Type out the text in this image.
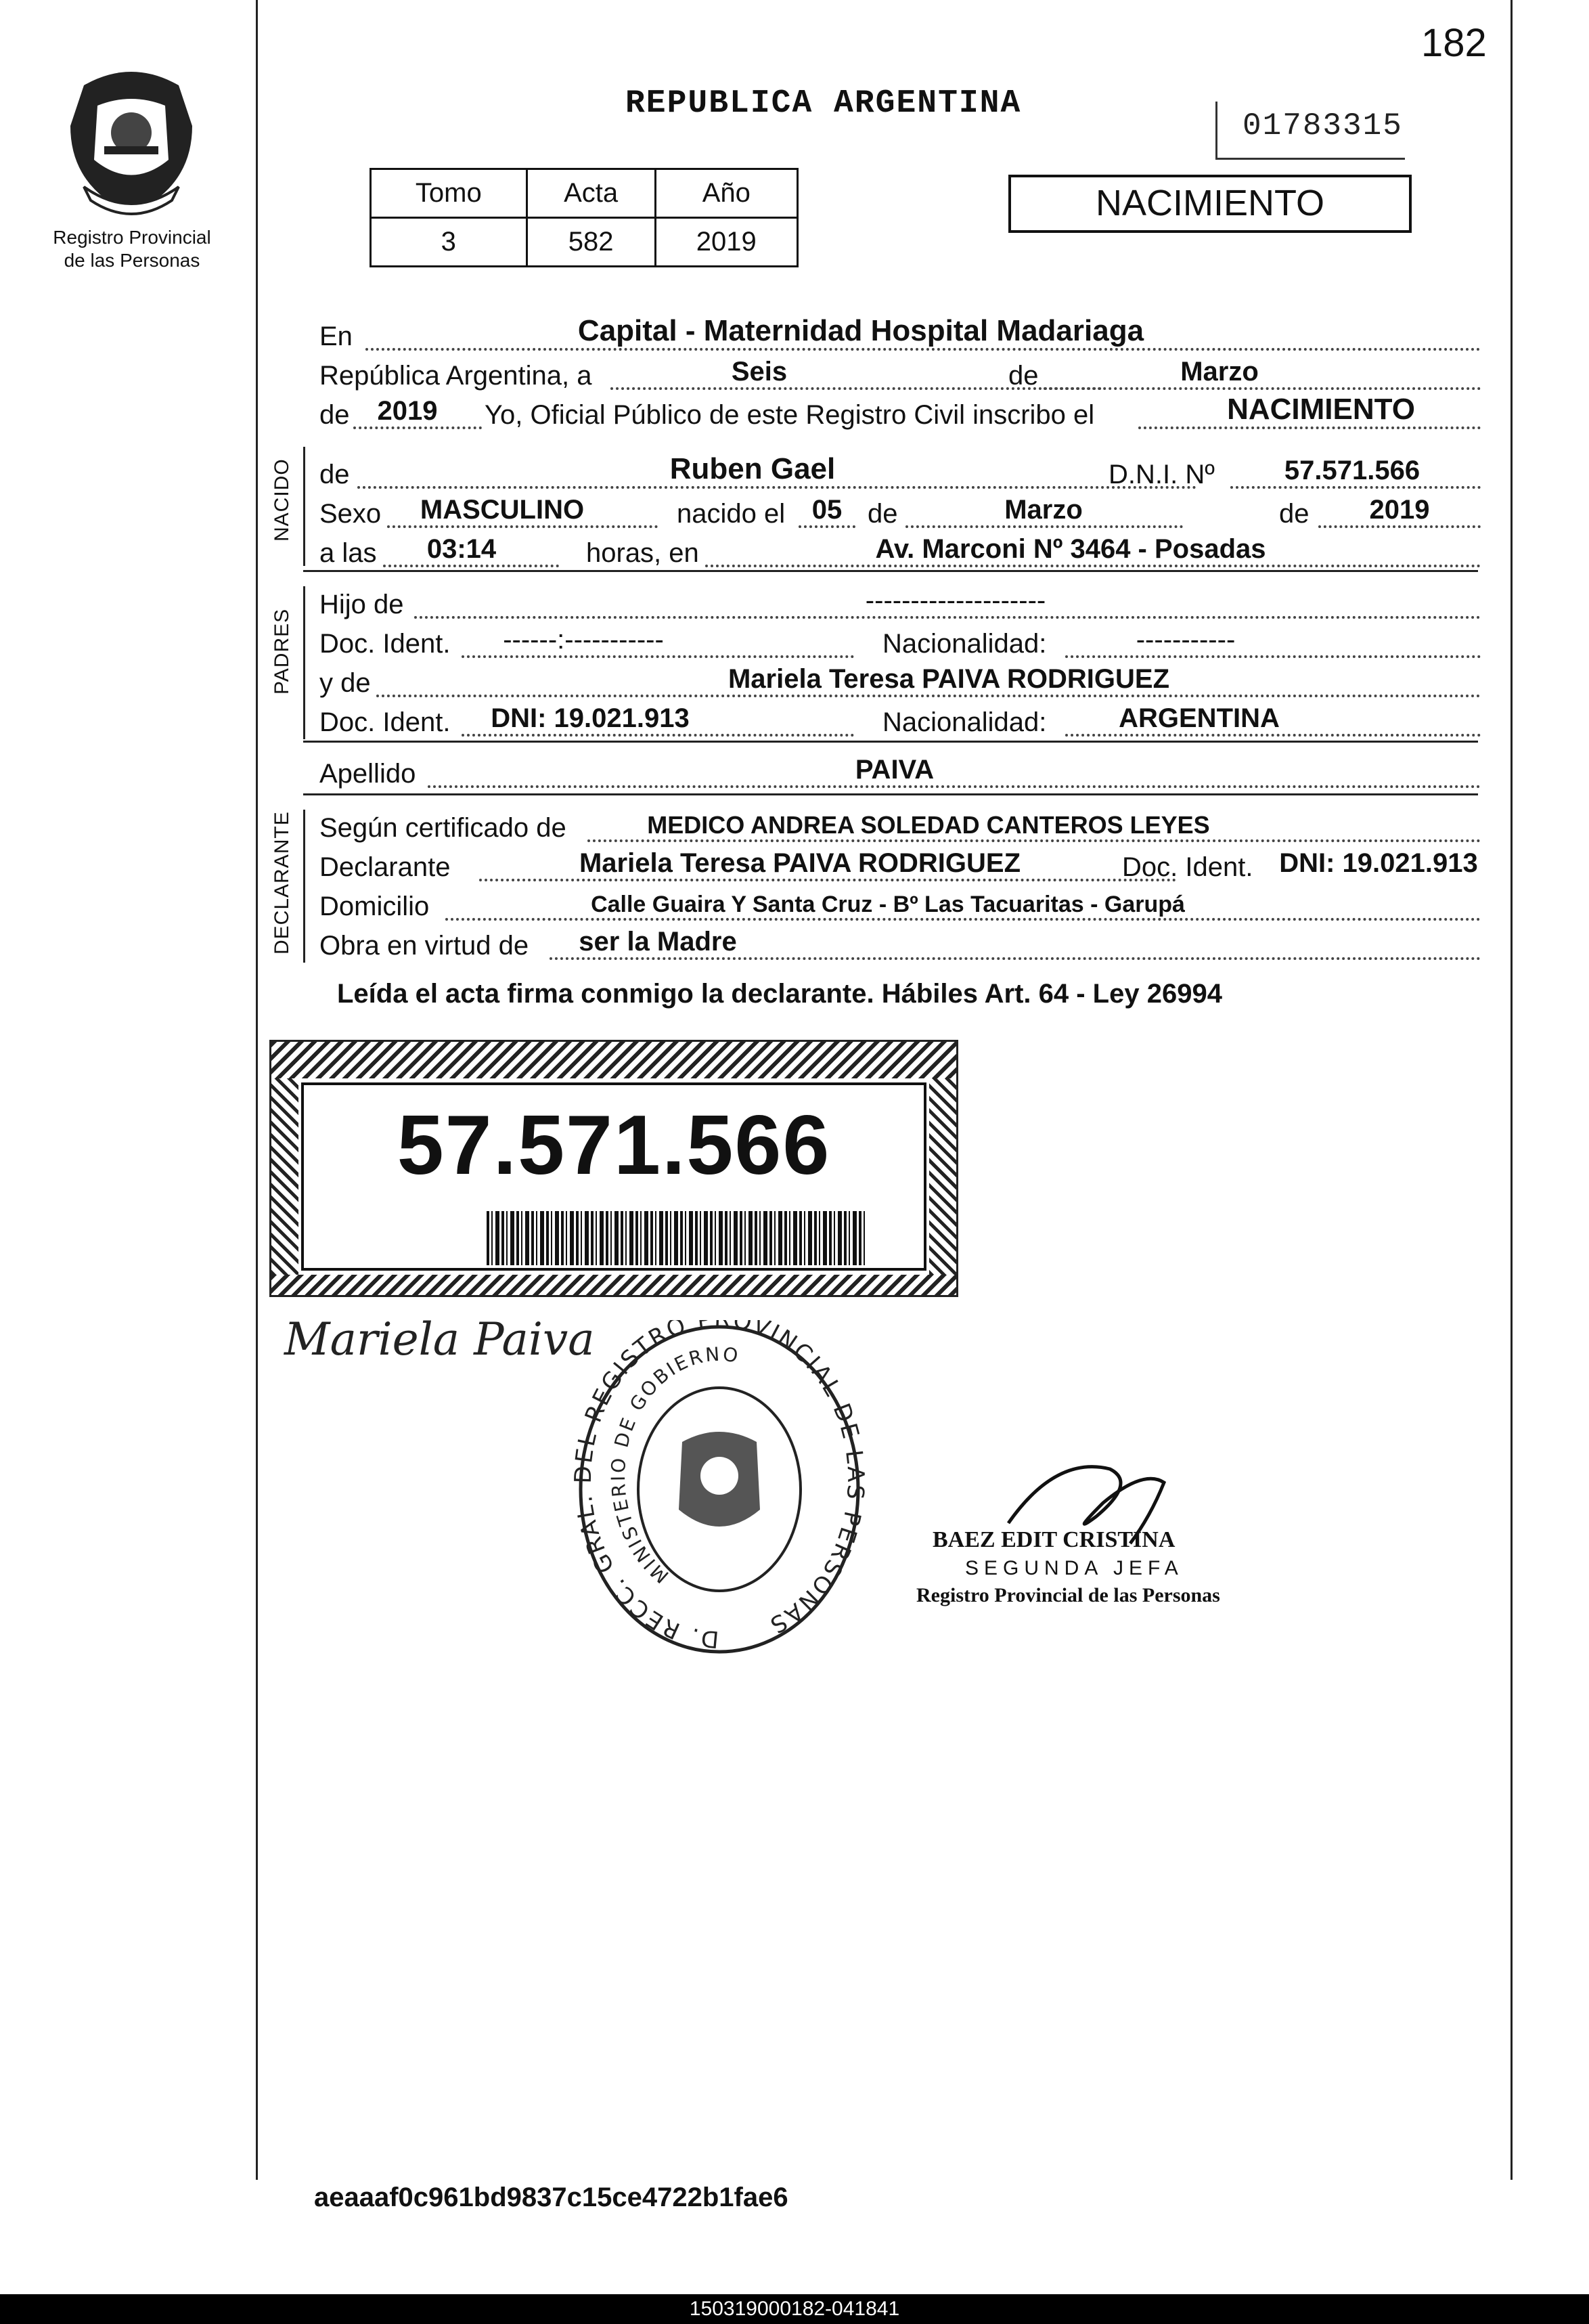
182
Registro Provincial
de las Personas
REPUBLICA ARGENTINA
01783315
Tomo	Acta	Año
3	582	2019
NACIMIENTO
En	Capital - Maternidad Hospital Madariaga
República Argentina, a	Seis	de	Marzo
de	2019	Yo, Oficial Público de este Registro Civil inscribo el	NACIMIENTO
NACIDO de	Ruben Gael	D.N.I. Nº	57.571.566
Sexo	MASCULINO	nacido el 05 de	Marzo	de	2019
a las	03:14	horas, en	Av. Marconi Nº 3464 - Posadas
PADRES
Hijo de	--------------------
Doc. Ident.	------:-----------	Nacionalidad:	-----------
y de	Mariela Teresa PAIVA RODRIGUEZ
Doc. Ident.	DNI: 19.021.913	Nacionalidad:	ARGENTINA
Apellido	PAIVA
DECLARANTE Según certificado de	MEDICO ANDREA SOLEDAD CANTEROS LEYES
Declarante	Mariela Teresa PAIVA RODRIGUEZ	Doc. Ident. DNI: 19.021.913
Domicilio	Calle Guaira Y Santa Cruz - Bº Las Tacuaritas - Garupá
Obra en virtud de	ser la Madre
Leída el acta firma conmigo la declarante. Hábiles Art. 64 - Ley 26994
57.571.566
Mariela Paiva
D. RECC. GRAL L REGISTRO P OVINCIAL DE PERSONAS
MINISTERIO DE GOBIERNO
BAEZ EDIT CRISTINA
SEGUNDA JEFA
Registro Provincial de las Personas
aeaaaf0c961bd9837c15ce4722b1fae6
150319000182-041841
